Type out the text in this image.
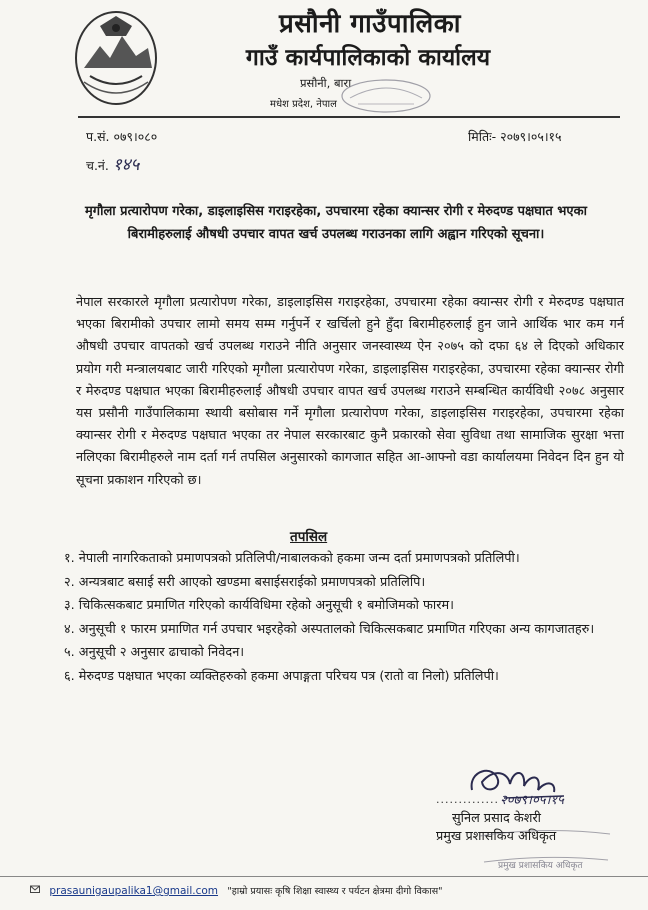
प्रसौनी गाउँपालिका
गाउँ कार्यपालिकाको कार्यालय
प्रसौनी, बारा
मधेश प्रदेश, नेपाल
प.सं. ०७९।०८०
च.नं. १४५
मितिः- २०७९।०५।१५
मृगौला प्रत्यारोपण गरेका, डाइलाइसिस गराइरहेका, उपचारमा रहेका क्यान्सर रोगी र मेरुदण्ड पक्षघात भएका बिरामीहरुलाई औषधी उपचार वापत खर्च उपलब्ध गराउनका लागि अह्वान गरिएको सूचना।
नेपाल सरकारले मृगौला प्रत्यारोपण गरेका, डाइलाइसिस गराइरहेका, उपचारमा रहेका क्यान्सर रोगी र मेरुदण्ड पक्षघात भएका बिरामीको उपचार लामो समय सम्म गर्नुपर्ने र खर्चिलो हुने हुँदा बिरामीहरुलाई हुन जाने आर्थिक भार कम गर्न औषधी उपचार वापतको खर्च उपलब्ध गराउने नीति अनुसार जनस्वास्थ्य ऐन २०७५ को दफा ६४ ले दिएको अधिकार प्रयोग गरी मन्त्रालयबाट जारी गरिएको मृगौला प्रत्यारोपण गरेका, डाइलाइसिस गराइरहेका, उपचारमा रहेका क्यान्सर रोगी र मेरुदण्ड पक्षघात भएका बिरामीहरुलाई औषधी उपचार वापत खर्च उपलब्ध गराउने सम्बन्धित कार्यविधी २०७८ अनुसार यस प्रसौनी गाउँपालिकामा स्थायी बसोबास गर्ने मृगौला प्रत्यारोपण गरेका, डाइलाइसिस गराइरहेका, उपचारमा रहेका क्यान्सर रोगी र मेरुदण्ड पक्षघात भएका तर नेपाल सरकारबाट कुनै प्रकारको सेवा सुविधा तथा सामाजिक सुरक्षा भत्ता नलिएका बिरामीहरुले नाम दर्ता गर्न तपसिल अनुसारको कागजात सहित आ-आफ्नो वडा कार्यालयमा निवेदन दिन हुन यो सूचना प्रकाशन गरिएको छ।
तपसिल
१. नेपाली नागरिकताको प्रमाणपत्रको प्रतिलिपी/नाबालकको हकमा जन्म दर्ता प्रमाणपत्रको प्रतिलिपी।
२. अन्यत्रबाट बसाई सरी आएको खण्डमा बसाईसराईको प्रमाणपत्रको प्रतिलिपि।
३. चिकित्सकबाट प्रमाणित गरिएको कार्यविधिमा रहेको अनुसूची १ बमोजिमको फारम।
४. अनुसूची १ फारम प्रमाणित गर्न उपचार भइरहेको अस्पतालको चिकित्सकबाट प्रमाणित गरिएका अन्य कागजातहरु।
५. अनुसूची २ अनुसार ढाचाको निवेदन।
६. मेरुदण्ड पक्षघात भएका व्यक्तिहरुको हकमा अपाङ्गता परिचय पत्र (रातो वा निलो) प्रतिलिपी।
.............. २०७९।०५।१५
सुनिल प्रसाद केशरी
प्रमुख प्रशासकिय अधिकृत
प्रमुख प्रशासकिय अधिकृत
prasaunigaupalika1@gmail.com "हाम्रो प्रयासः कृषि शिक्षा स्वास्थ्य र पर्यटन क्षेत्रमा दीगो विकास"
